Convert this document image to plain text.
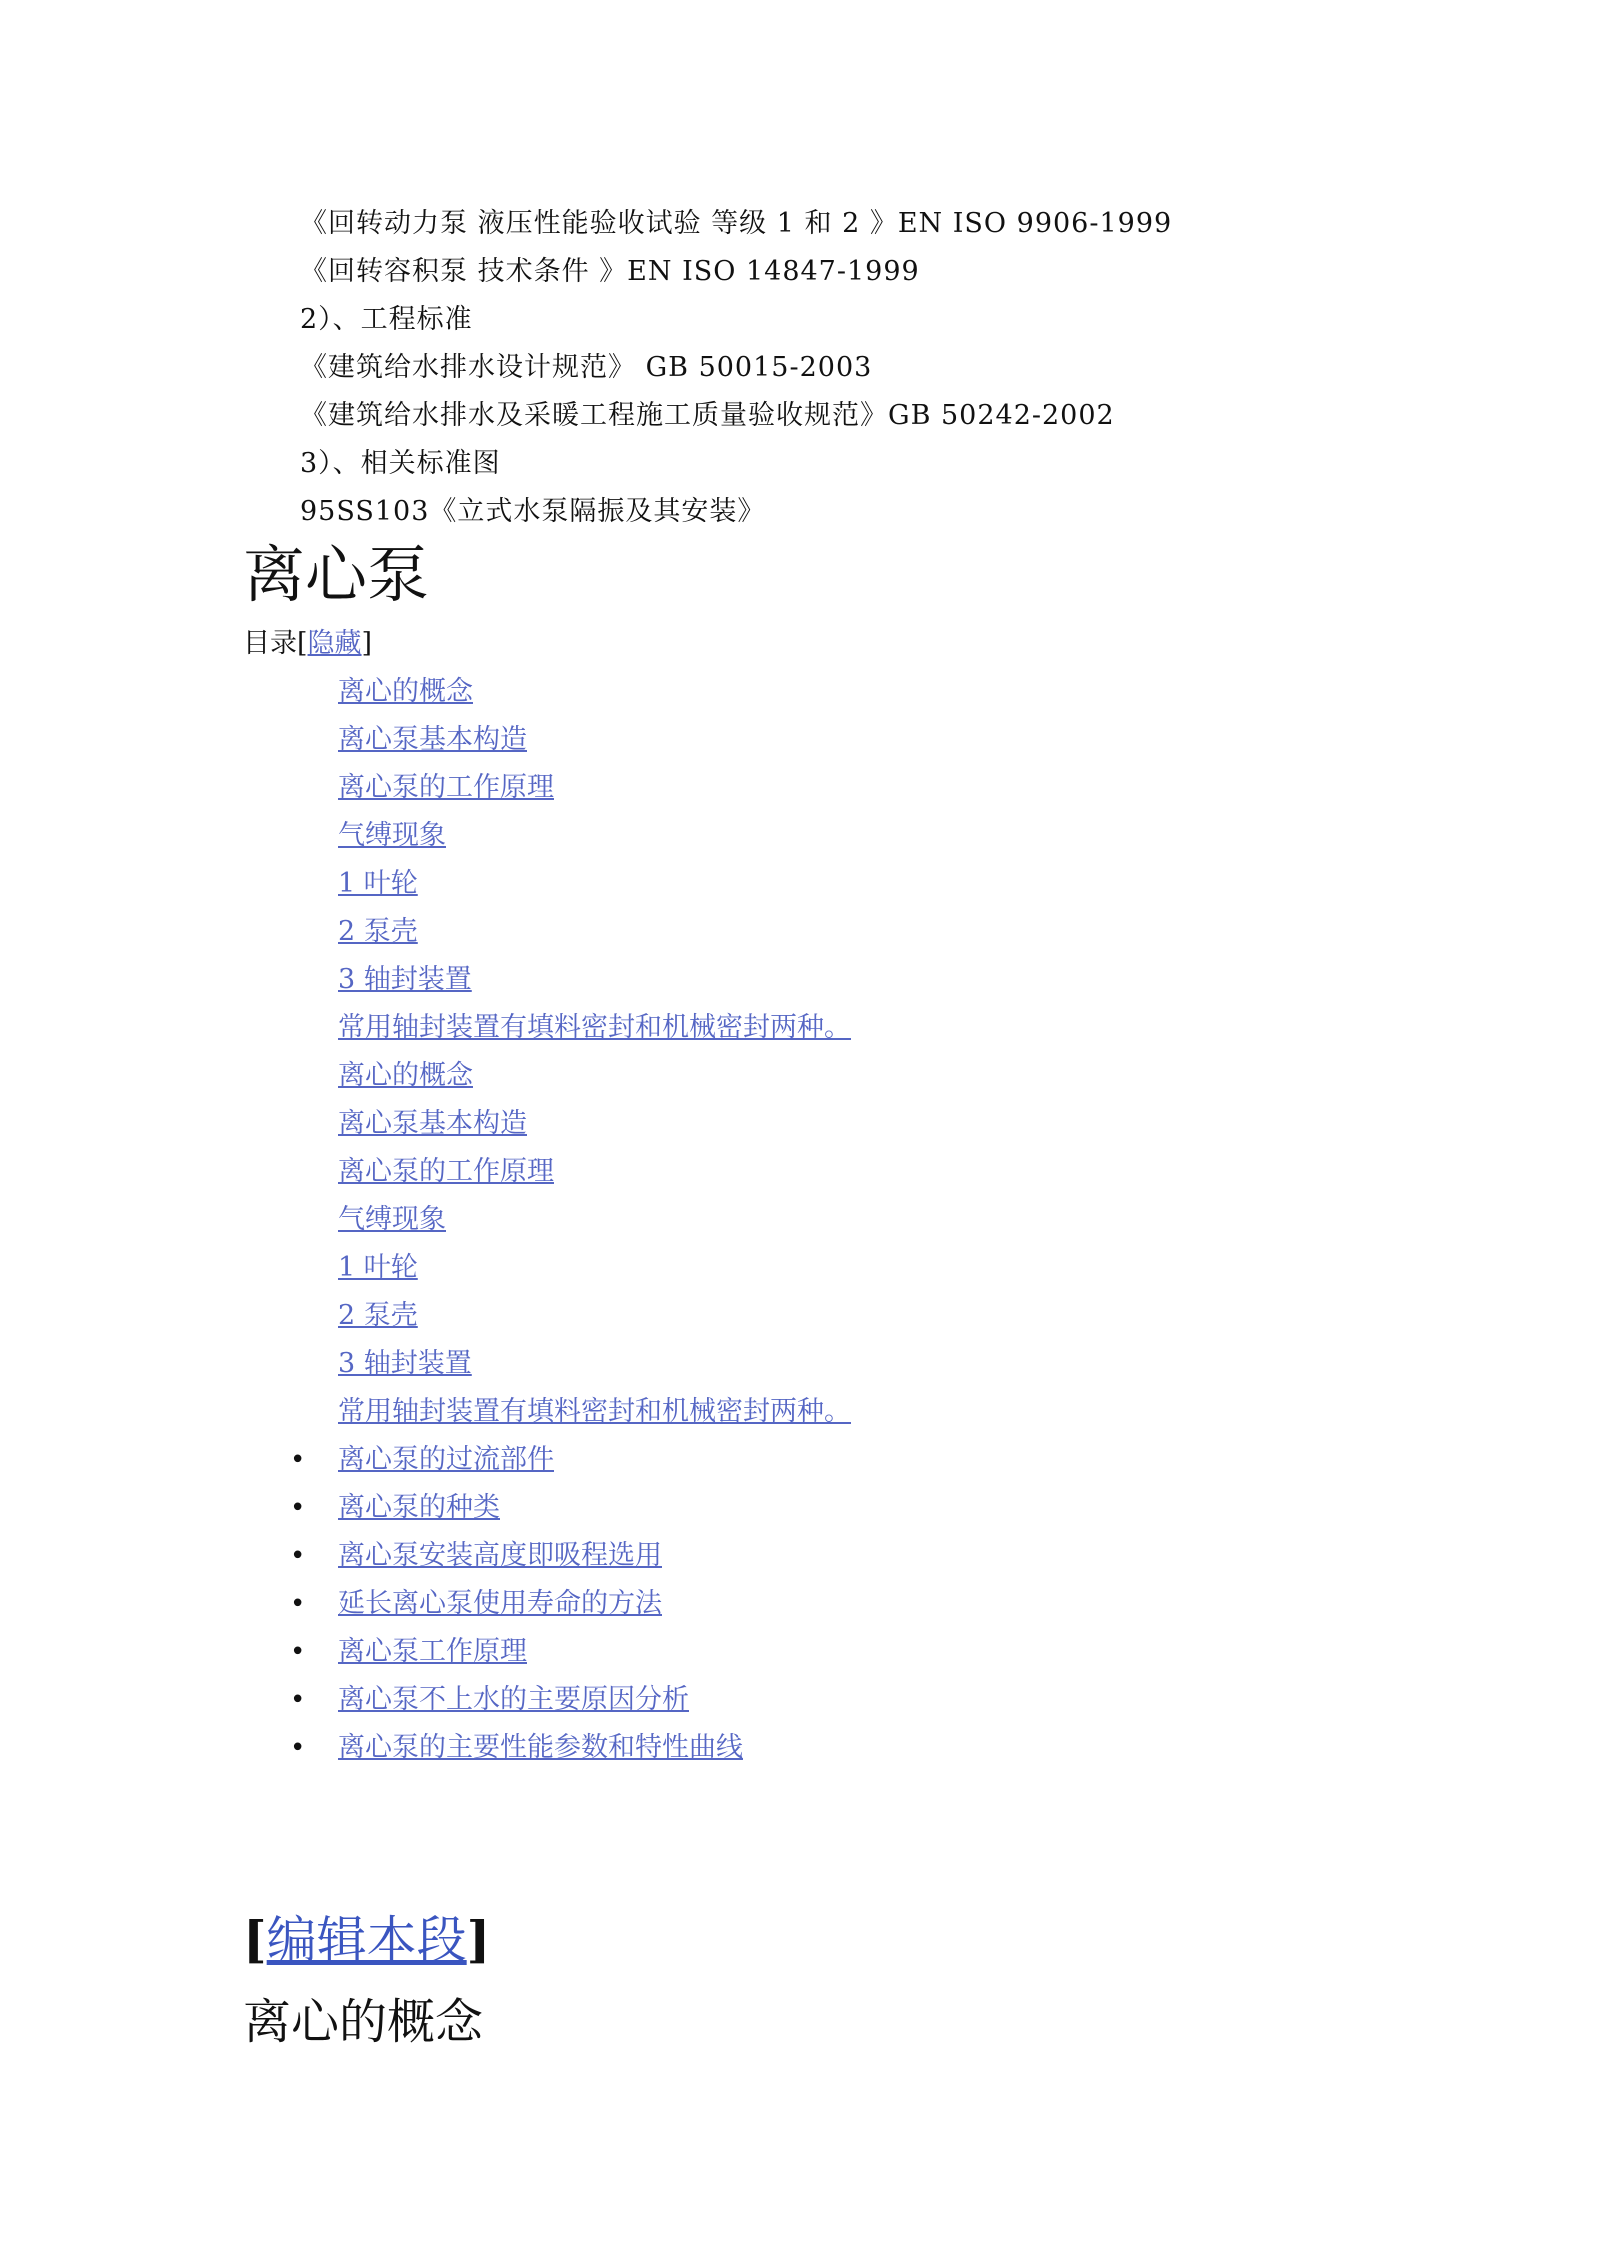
《回转动力泵 液压性能验收试验 等级 1 和 2 》EN ISO 9906-1999
《回转容积泵 技术条件 》EN ISO 14847-1999
2）、工程标准
《建筑给水排水设计规范》 GB 50015-2003
《建筑给水排水及采暖工程施工质量验收规范》GB 50242-2002
3）、相关标准图
95SS103《立式水泵隔振及其安装》
离心泵
目录[隐藏]
离心的概念
离心泵基本构造
离心泵的工作原理
气缚现象
1 叶轮
2 泵壳
3 轴封装置
常用轴封装置有填料密封和机械密封两种。
离心的概念
离心泵基本构造
离心泵的工作原理
气缚现象
1 叶轮
2 泵壳
3 轴封装置
常用轴封装置有填料密封和机械密封两种。
• 离心泵的过流部件
• 离心泵的种类
• 离心泵安装高度即吸程选用
• 延长离心泵使用寿命的方法
• 离心泵工作原理
• 离心泵不上水的主要原因分析
• 离心泵的主要性能参数和特性曲线
[编辑本段]
离心的概念
